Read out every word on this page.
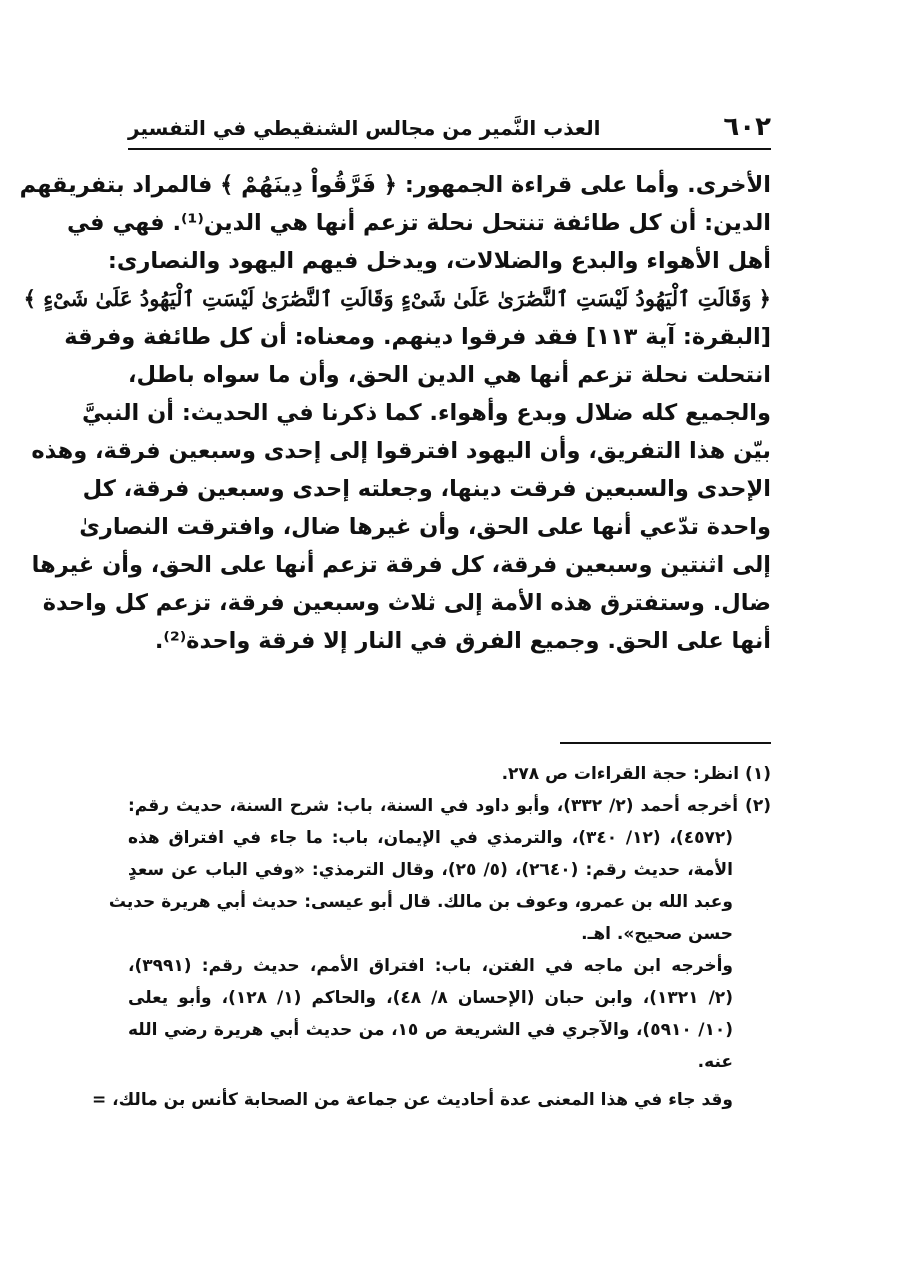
٦٠٢
العذب النَّمير من مجالس الشنقيطي في التفسير
الأخرى. وأما على قراءة الجمهور: ﴿ فَرَّقُواْ دِينَهُمْ ﴾ فالمراد بتفريقهم
الدين: أن كل طائفة تنتحل نحلة تزعم أنها هي الدين⁽¹⁾. فهي في
أهل الأهواء والبدع والضلالات، ويدخل فيهم اليهود والنصارى:
﴿ وَقَالَتِ ٱلْيَهُودُ لَيْسَتِ ٱلنَّصَٰرَىٰ عَلَىٰ شَىْءٍ وَقَالَتِ ٱلنَّصَٰرَىٰ لَيْسَتِ ٱلْيَهُودُ عَلَىٰ شَىْءٍ ﴾
[البقرة: آية ١١٣] فقد فرقوا دينهم. ومعناه: أن كل طائفة وفرقة
انتحلت نحلة تزعم أنها هي الدين الحق، وأن ما سواه باطل،
والجميع كله ضلال وبدع وأهواء. كما ذكرنا في الحديث: أن النبيَّ
بيّن هذا التفريق، وأن اليهود افترقوا إلى إحدى وسبعين فرقة، وهذه
الإحدى والسبعين فرقت دينها، وجعلته إحدى وسبعين فرقة، كل
واحدة تدّعي أنها على الحق، وأن غيرها ضال، وافترقت النصارىٰ
إلى اثنتين وسبعين فرقة، كل فرقة تزعم أنها على الحق، وأن غيرها
ضال. وستفترق هذه الأمة إلى ثلاث وسبعين فرقة، تزعم كل واحدة
أنها على الحق. وجميع الفرق في النار إلا فرقة واحدة⁽²⁾.
(١) انظر: حجة القراءات ص ٢٧٨.
(٢) أخرجه أحمد (٢/ ٣٣٢)، وأبو داود في السنة، باب: شرح السنة، حديث رقم:
(٤٥٧٢)، (١٢/ ٣٤٠)، والترمذي في الإيمان، باب: ما جاء في افتراق هذه
الأمة، حديث رقم: (٢٦٤٠)، (٥/ ٢٥)، وقال الترمذي: «وفي الباب عن سعدٍ
وعبد الله بن عمرو، وعوف بن مالك. قال أبو عيسى: حديث أبي هريرة حديث
حسن صحيح». اهـ.
وأخرجه ابن ماجه في الفتن، باب: افتراق الأمم، حديث رقم: (٣٩٩١)،
(٢/ ١٣٢١)، وابن حبان (الإحسان ٨/ ٤٨)، والحاكم (١/ ١٢٨)، وأبو يعلى
(١٠/ ٥٩١٠)، والآجري في الشريعة ص ١٥، من حديث أبي هريرة رضي الله
عنه.
وقد جاء في هذا المعنى عدة أحاديث عن جماعة من الصحابة كأنس بن مالك، =
